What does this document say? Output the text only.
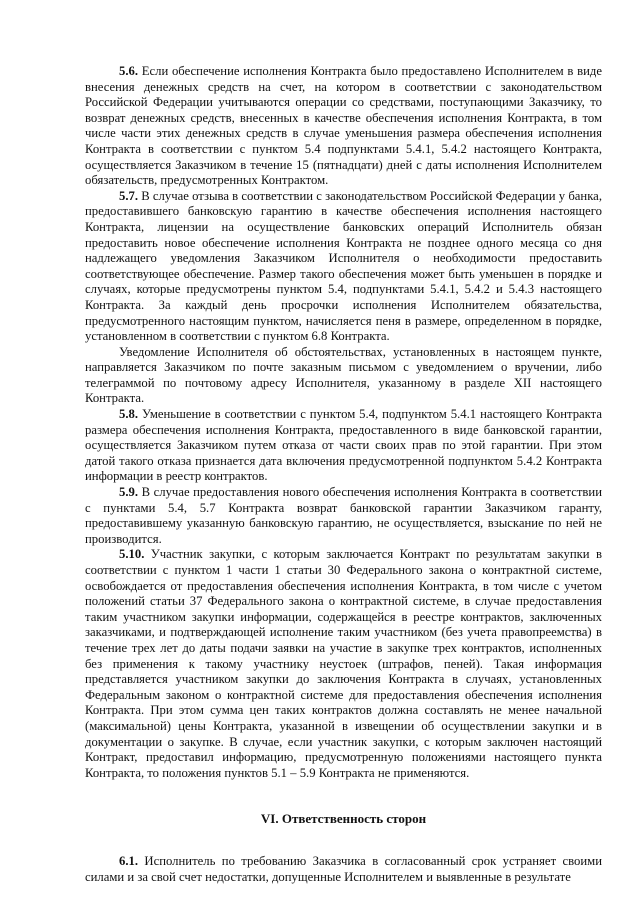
5.6. Если обеспечение исполнения Контракта было предоставлено Исполнителем в виде внесения денежных средств на счет, на котором в соответствии с законодательством Российской Федерации учитываются операции со средствами, поступающими Заказчику, то возврат денежных средств, внесенных в качестве обеспечения исполнения Контракта, в том числе части этих денежных средств в случае уменьшения размера обеспечения исполнения Контракта в соответствии с пунктом 5.4 подпунктами 5.4.1, 5.4.2 настоящего Контракта, осуществляется Заказчиком в течение 15 (пятнадцати) дней с даты исполнения Исполнителем обязательств, предусмотренных Контрактом.

5.7. В случае отзыва в соответствии с законодательством Российской Федерации у банка, предоставившего банковскую гарантию в качестве обеспечения исполнения настоящего Контракта, лицензии на осуществление банковских операций Исполнитель обязан предоставить новое обеспечение исполнения Контракта не позднее одного месяца со дня надлежащего уведомления Заказчиком Исполнителя о необходимости предоставить соответствующее обеспечение. Размер такого обеспечения может быть уменьшен в порядке и случаях, которые предусмотрены пунктом 5.4, подпунктами 5.4.1, 5.4.2 и 5.4.3 настоящего Контракта. За каждый день просрочки исполнения Исполнителем обязательства, предусмотренного настоящим пунктом, начисляется пеня в размере, определенном в порядке, установленном в соответствии с пунктом 6.8 Контракта.

Уведомление Исполнителя об обстоятельствах, установленных в настоящем пункте, направляется Заказчиком по почте заказным письмом с уведомлением о вручении, либо телеграммой по почтовому адресу Исполнителя, указанному в разделе XII настоящего Контракта.

5.8. Уменьшение в соответствии с пунктом 5.4, подпунктом 5.4.1 настоящего Контракта размера обеспечения исполнения Контракта, предоставленного в виде банковской гарантии, осуществляется Заказчиком путем отказа от части своих прав по этой гарантии. При этом датой такого отказа признается дата включения предусмотренной подпунктом 5.4.2 Контракта информации в реестр контрактов.

5.9. В случае предоставления нового обеспечения исполнения Контракта в соответствии с пунктами 5.4, 5.7 Контракта возврат банковской гарантии Заказчиком гаранту, предоставившему указанную банковскую гарантию, не осуществляется, взыскание по ней не производится.

5.10. Участник закупки, с которым заключается Контракт по результатам закупки в соответствии с пунктом 1 части 1 статьи 30 Федерального закона о контрактной системе, освобождается от предоставления обеспечения исполнения Контракта, в том числе с учетом положений статьи 37 Федерального закона о контрактной системе, в случае предоставления таким участником закупки информации, содержащейся в реестре контрактов, заключенных заказчиками, и подтверждающей исполнение таким участником (без учета правопреемства) в течение трех лет до даты подачи заявки на участие в закупке трех контрактов, исполненных без применения к такому участнику неустоек (штрафов, пеней). Такая информация представляется участником закупки до заключения Контракта в случаях, установленных Федеральным законом о контрактной системе для предоставления обеспечения исполнения Контракта. При этом сумма цен таких контрактов должна составлять не менее начальной (максимальной) цены Контракта, указанной в извещении об осуществлении закупки и в документации о закупке. В случае, если участник закупки, с которым заключен настоящий Контракт, предоставил информацию, предусмотренную положениями настоящего пункта Контракта, то положения пунктов 5.1 – 5.9 Контракта не применяются.

VI. Ответственность сторон

6.1. Исполнитель по требованию Заказчика в согласованный срок устраняет своими силами и за свой счет недостатки, допущенные Исполнителем и выявленные в результате
